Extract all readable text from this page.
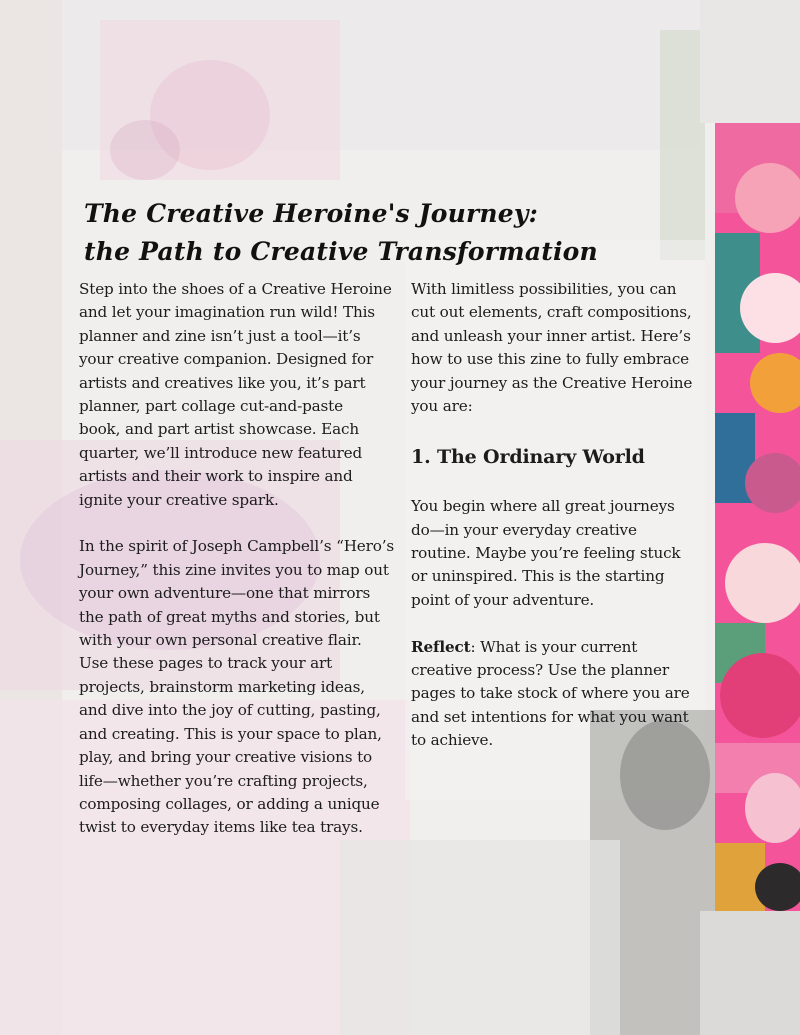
The Creative Heroine's Journey:
the Path to Creative Transformation

Step into the shoes of a Creative Heroine
and let your imagination run wild! This
planner and zine isn’t just a tool—it’s
your creative companion. Designed for
artists and creatives like you, it’s part
planner, part collage cut-and-paste
book, and part artist showcase. Each
quarter, we’ll introduce new featured
artists and their work to inspire and
ignite your creative spark.

In the spirit of Joseph Campbell’s “Hero’s
Journey,” this zine invites you to map out
your own adventure—one that mirrors
the path of great myths and stories, but
with your own personal creative flair.
Use these pages to track your art
projects, brainstorm marketing ideas,
and dive into the joy of cutting, pasting,
and creating. This is your space to plan,
play, and bring your creative visions to
life—whether you’re crafting projects,
composing collages, or adding a unique
twist to everyday items like tea trays.

With limitless possibilities, you can
cut out elements, craft compositions,
and unleash your inner artist. Here’s
how to use this zine to fully embrace
your journey as the Creative Heroine
you are:

1. The Ordinary World

You begin where all great journeys
do—in your everyday creative
routine. Maybe you’re feeling stuck
or uninspired. This is the starting
point of your adventure.

Reflect: What is your current
creative process? Use the planner
pages to take stock of where you are
and set intentions for what you want
to achieve.
